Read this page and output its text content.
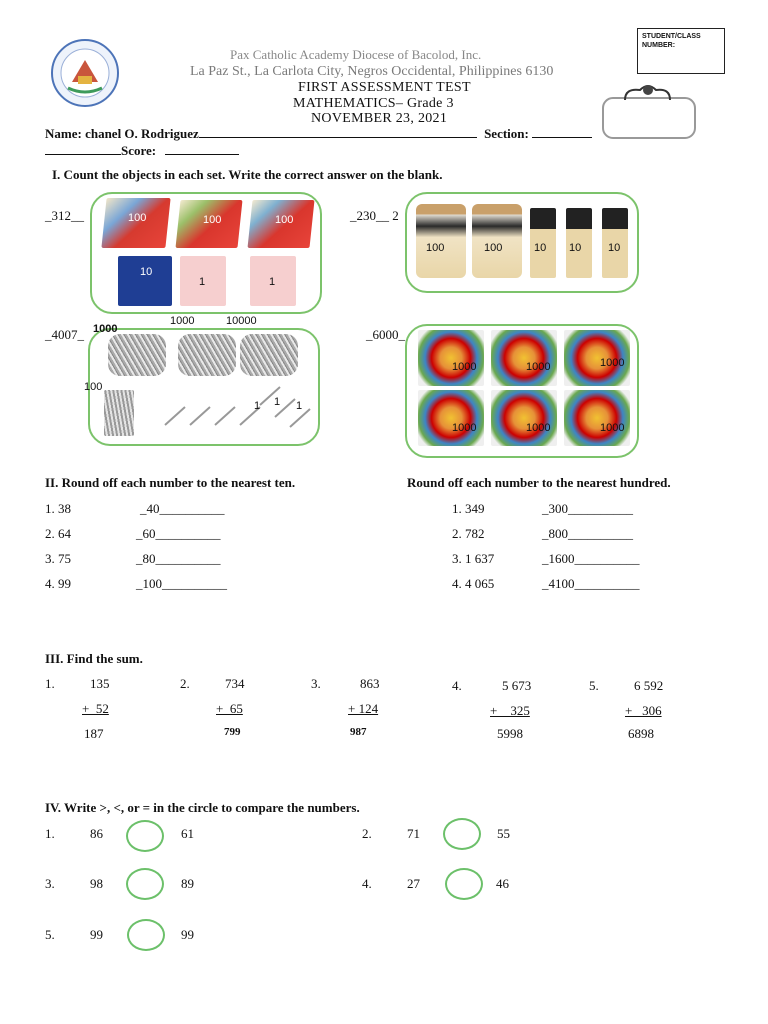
Pax Catholic Academy Diocese of Bacolod, Inc.
La Paz St., La Carlota City, Negros Occidental, Philippines 6130
FIRST ASSESSMENT TEST
MATHEMATICS– Grade 3
NOVEMBER 23, 2021
STUDENT/CLASS NUMBER:
Name: chanel O. Rodriguez	Section:
Score:
I. Count the objects in each set. Write the correct answer on the blank.
_312__	_230__ 2
_4007_	_6000_
100	100	100
10
1	1
100	100	10 10 10
1000
1000	10000
100
1 1 1
1000	1000	1000
1000	1000	1000
II. Round off each number to the nearest ten.	Round off each number to the nearest hundred.
1. 38	_40__________
2. 64	_60__________
3. 75	_80__________
4. 99	_100__________
1. 349	_300__________
2. 782	_800__________
3. 1 637	_1600__________
4. 4 065	_4100__________
III. Find the sum.
1.	135
+  52
187
2.	734
+  65
799
3.	863
+ 124
987
4.	5 673
+    325
5998
5.	6 592
+   306
6898
IV. Write >, <, or = in the circle to compare the numbers.
1.	86	61	2.	71	55
3.	98	89	4.	27	46
5.	99	99
